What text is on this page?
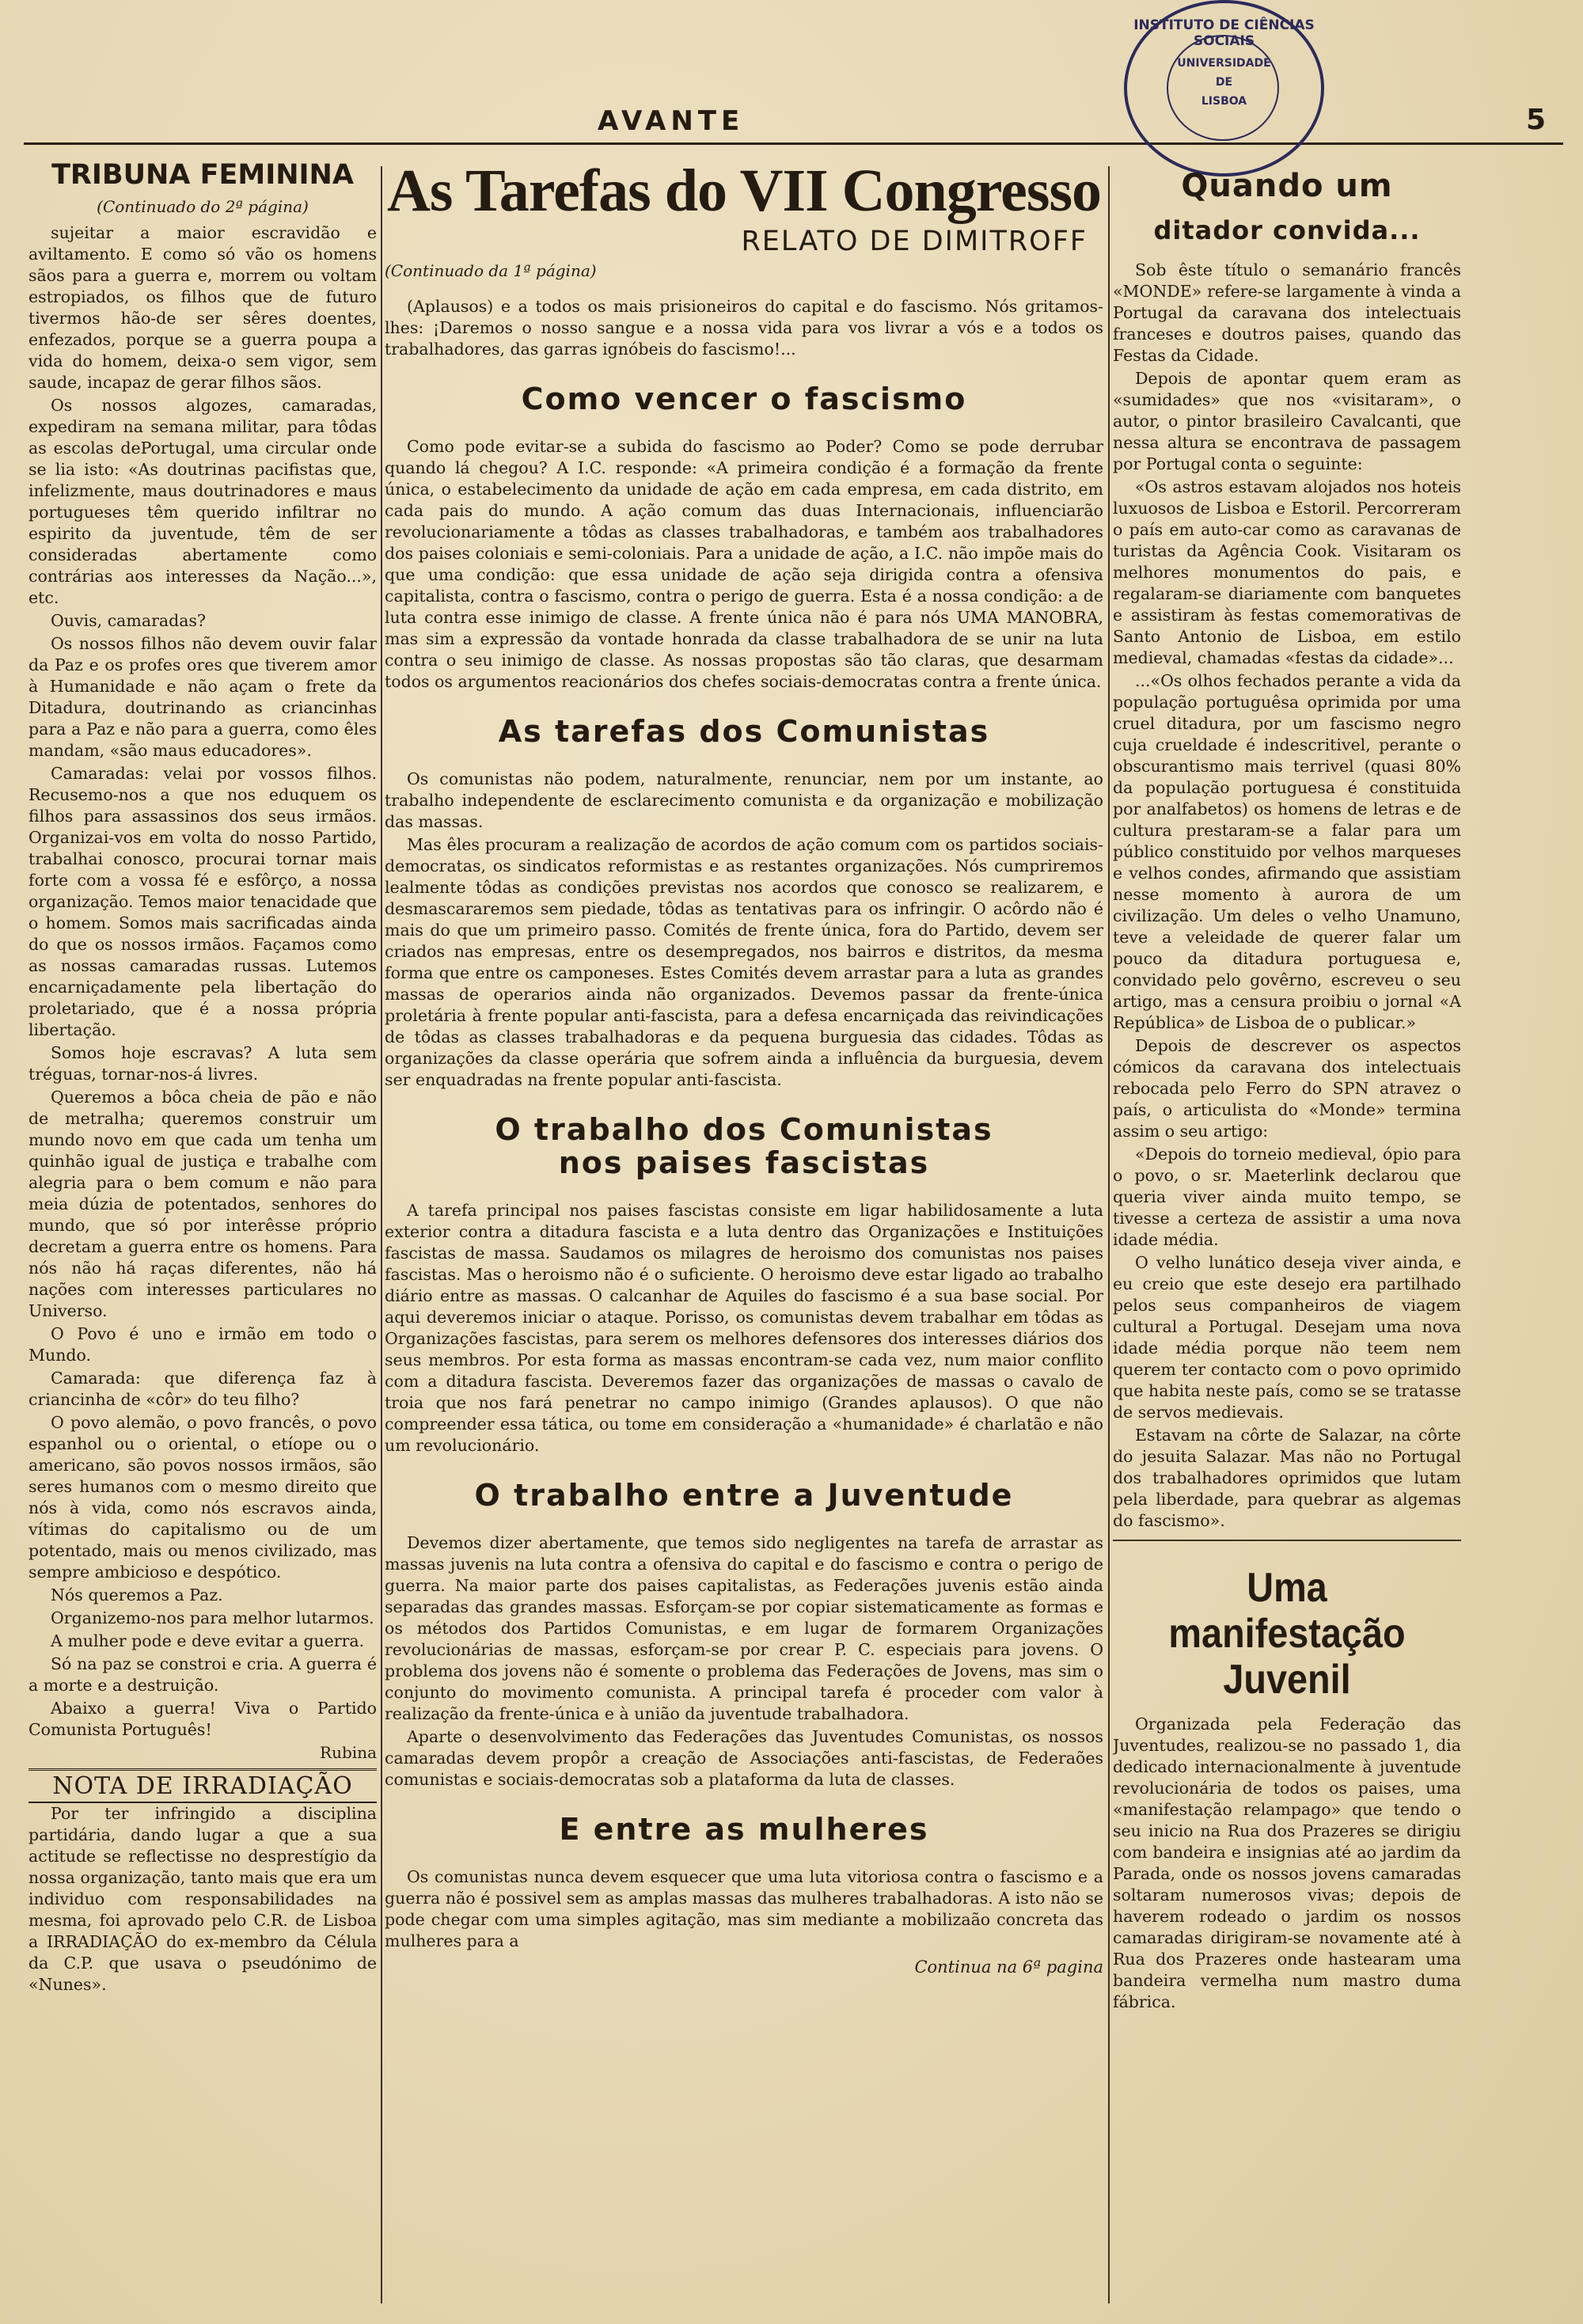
AVANTE	5
INSTITUTO DE CIÊNCIAS SOCIAIS
UNIVERSIDADE
DE
LISBOA
TRIBUNA FEMININA
(Continuado do 2ª página)

sujeitar a maior escravidão e aviltamento. E como só vão os homens sãos para a guerra e, morrem ou voltam estropiados, os filhos que de futuro tivermos hão-de ser sêres doentes, enfezados, porque se a guerra poupa a vida do homem, deixa-o sem vigor, sem saude, incapaz de gerar filhos sãos.

Os nossos algozes, camaradas, expediram na semana militar, para tôdas as escolas dePortugal, uma circular onde se lia isto: «As doutrinas pacifistas que, infelizmente, maus doutrinadores e maus portugueses têm querido infiltrar no espirito da juventude, têm de ser consideradas abertamente como contrárias aos interesses da Nação...», etc.

Ouvis, camaradas?

Os nossos filhos não devem ouvir falar da Paz e os profes ores que tiverem amor à Humanidade e não açam o frete da Ditadura, doutrinando as criancinhas para a Paz e não para a guerra, como êles mandam, «são maus educadores».

Camaradas: velai por vossos filhos. Recusemo-nos a que nos eduquem os filhos para assassinos dos seus irmãos. Organizai-vos em volta do nosso Partido, trabalhai conosco, procurai tornar mais forte com a vossa fé e esfôrço, a nossa organização. Temos maior tenacidade que o homem. Somos mais sacrificadas ainda do que os nossos irmãos. Façamos como as nossas camaradas russas. Lutemos encarniçadamente pela libertação do proletariado, que é a nossa própria libertação.

Somos hoje escravas? A luta sem tréguas, tornar-nos-á livres.

Queremos a bôca cheia de pão e não de metralha; queremos construir um mundo novo em que cada um tenha um quinhão igual de justiça e trabalhe com alegria para o bem comum e não para meia dúzia de potentados, senhores do mundo, que só por interêsse próprio decretam a guerra entre os homens. Para nós não há raças diferentes, não há nações com interesses particulares no Universo.

O Povo é uno e irmão em todo o Mundo.

Camarada: que diferença faz à criancinha de «côr» do teu filho?

O povo alemão, o povo francês, o povo espanhol ou o oriental, o etíope ou o americano, são povos nossos irmãos, são seres humanos com o mesmo direito que nós à vida, como nós escravos ainda, vítimas do capitalismo ou de um potentado, mais ou menos civilizado, mas sempre ambicioso e despótico.

Nós queremos a Paz.

Organizemo-nos para melhor lutarmos.

A mulher pode e deve evitar a guerra.

Só na paz se constroi e cria. A guerra é a morte e a destruição.

Abaixo a guerra! Viva o Partido Comunista Português!

Rubina
NOTA DE IRRADIAÇÃO

Por ter infringido a disciplina partidária, dando lugar a que a sua actitude se reflectisse no desprestígio da nossa organização, tanto mais que era um individuo com responsabilidades na mesma, foi aprovado pelo C.R. de Lisboa a IRRADIAÇÃO do ex-membro da Célula da C.P. que usava o pseudónimo de «Nunes».

As Tarefas do VII Congresso
RELATO DE DIMITROFF
(Continuado da 1ª página)

(Aplausos) e a todos os mais prisioneiros do capital e do fascismo. Nós gritamos-lhes: ¡Daremos o nosso sangue e a nossa vida para vos livrar a vós e a todos os trabalhadores, das garras ignóbeis do fascismo!...

Como vencer o fascismo

Como pode evitar-se a subida do fascismo ao Poder? Como se pode derrubar quando lá chegou? A I.C. responde: «A primeira condição é a formação da frente única, o estabelecimento da unidade de ação em cada empresa, em cada distrito, em cada pais do mundo. A ação comum das duas Internacionais, influenciarão revolucionariamente a tôdas as classes trabalhadoras, e também aos trabalhadores dos paises coloniais e semi-coloniais. Para a unidade de ação, a I.C. não impõe mais do que uma condição: que essa unidade de ação seja dirigida contra a ofensiva capitalista, contra o fascismo, contra o perigo de guerra. Esta é a nossa condição: a de luta contra esse inimigo de classe. A frente única não é para nós UMA MANOBRA, mas sim a expressão da vontade honrada da classe trabalhadora de se unir na luta contra o seu inimigo de classe. As nossas propostas são tão claras, que desarmam todos os argumentos reacionários dos chefes sociais-democratas contra a frente única.

As tarefas dos Comunistas

Os comunistas não podem, naturalmente, renunciar, nem por um instante, ao trabalho independente de esclarecimento comunista e da organização e mobilização das massas.

Mas êles procuram a realização de acordos de ação comum com os partidos sociais-democratas, os sindicatos reformistas e as restantes organizações. Nós cumpriremos lealmente tôdas as condições previstas nos acordos que conosco se realizarem, e desmascararemos sem piedade, tôdas as tentativas para os infringir. O acôrdo não é mais do que um primeiro passo. Comités de frente única, fora do Partido, devem ser criados nas empresas, entre os desempregados, nos bairros e distritos, da mesma forma que entre os camponeses. Estes Comités devem arrastar para a luta as grandes massas de operarios ainda não organizados. Devemos passar da frente-única proletária à frente popular anti-fascista, para a defesa encarniçada das reivindicações de tôdas as classes trabalhadoras e da pequena burguesia das cidades. Tôdas as organizações da classe operária que sofrem ainda a influência da burguesia, devem ser enquadradas na frente popular anti-fascista.

O trabalho dos Comunistas
nos paises fascistas

A tarefa principal nos paises fascistas consiste em ligar habilidosamente a luta exterior contra a ditadura fascista e a luta dentro das Organizações e Instituições fascistas de massa. Saudamos os milagres de heroismo dos comunistas nos paises fascistas. Mas o heroismo não é o suficiente. O heroismo deve estar ligado ao trabalho diário entre as massas. O calcanhar de Aquiles do fascismo é a sua base social. Por aqui deveremos iniciar o ataque. Porisso, os comunistas devem trabalhar em tôdas as Organizações fascistas, para serem os melhores defensores dos interesses diários dos seus membros. Por esta forma as massas encontram-se cada vez, num maior conflito com a ditadura fascista. Deveremos fazer das organizações de massas o cavalo de troia que nos fará penetrar no campo inimigo (Grandes aplausos). O que não compreender essa tática, ou tome em consideração a «humanidade» é charlatão e não um revolucionário.

O trabalho entre a Juventude

Devemos dizer abertamente, que temos sido negligentes na tarefa de arrastar as massas juvenis na luta contra a ofensiva do capital e do fascismo e contra o perigo de guerra. Na maior parte dos paises capitalistas, as Federações juvenis estão ainda separadas das grandes massas. Esforçam-se por copiar sistematicamente as formas e os métodos dos Partidos Comunistas, e em lugar de formarem Organizações revolucionárias de massas, esforçam-se por crear P. C. especiais para jovens. O problema dos jovens não é somente o problema das Federações de Jovens, mas sim o conjunto do movimento comunista. A principal tarefa é proceder com valor à realização da frente-única e à união da juventude trabalhadora.

Aparte o desenvolvimento das Federações das Juventudes Comunistas, os nossos camaradas devem propôr a creação de Associações anti-fascistas, de Federaões comunistas e sociais-democratas sob a plataforma da luta de classes.

E entre as mulheres

Os comunistas nunca devem esquecer que uma luta vitoriosa contra o fascismo e a guerra não é possivel sem as amplas massas das mulheres trabalhadoras. A isto não se pode chegar com uma simples agitação, mas sim mediante a mobilizaão concreta das mulheres para a

Continua na 6ª pagina
Quando um
ditador convida...

Sob êste título o semanário francês «MONDE» refere-se largamente à vinda a Portugal da caravana dos intelectuais franceses e doutros paises, quando das Festas da Cidade.

Depois de apontar quem eram as «sumidades» que nos «visitaram», o autor, o pintor brasileiro Cavalcanti, que nessa altura se encontrava de passagem por Portugal conta o seguinte:

«Os astros estavam alojados nos hoteis luxuosos de Lisboa e Estoril. Percorreram o país em auto-car como as caravanas de turistas da Agência Cook. Visitaram os melhores monumentos do pais, e regalaram-se diariamente com banquetes e assistiram às festas comemorativas de Santo Antonio de Lisboa, em estilo medieval, chamadas «festas da cidade»...

...«Os olhos fechados perante a vida da população portuguêsa oprimida por uma cruel ditadura, por um fascismo negro cuja crueldade é indescritivel, perante o obscurantismo mais terrivel (quasi 80% da população portuguesa é constituida por analfabetos) os homens de letras e de cultura prestaram-se a falar para um público constituido por velhos marqueses e velhos condes, afirmando que assistiam nesse momento à aurora de um civilização. Um deles o velho Unamuno, teve a veleidade de querer falar um pouco da ditadura portuguesa e, convidado pelo govêrno, escreveu o seu artigo, mas a censura proibiu o jornal «A República» de Lisboa de o publicar.»

Depois de descrever os aspectos cómicos da caravana dos intelectuais rebocada pelo Ferro do SPN atravez o país, o articulista do «Monde» termina assim o seu artigo:

«Depois do torneio medieval, ópio para o povo, o sr. Maeterlink declarou que queria viver ainda muito tempo, se tivesse a certeza de assistir a uma nova idade média.

O velho lunático deseja viver ainda, e eu creio que este desejo era partilhado pelos seus companheiros de viagem cultural a Portugal. Desejam uma nova idade média porque não teem nem querem ter contacto com o povo oprimido que habita neste país, como se se tratasse de servos medievais.

Estavam na côrte de Salazar, na côrte do jesuita Salazar. Mas não no Portugal dos trabalhadores oprimidos que lutam pela liberdade, para quebrar as algemas do fascismo».

Uma manifestação Juvenil

Organizada pela Federação das Juventudes, realizou-se no passado 1, dia dedicado internacionalmente à juventude revolucionária de todos os paises, uma «manifestação relampago» que tendo o seu inicio na Rua dos Prazeres se dirigiu com bandeira e insignias até ao jardim da Parada, onde os nossos jovens camaradas soltaram numerosos vivas; depois de haverem rodeado o jardim os nossos camaradas dirigiram-se novamente até à Rua dos Prazeres onde hastearam uma bandeira vermelha num mastro duma fábrica.
